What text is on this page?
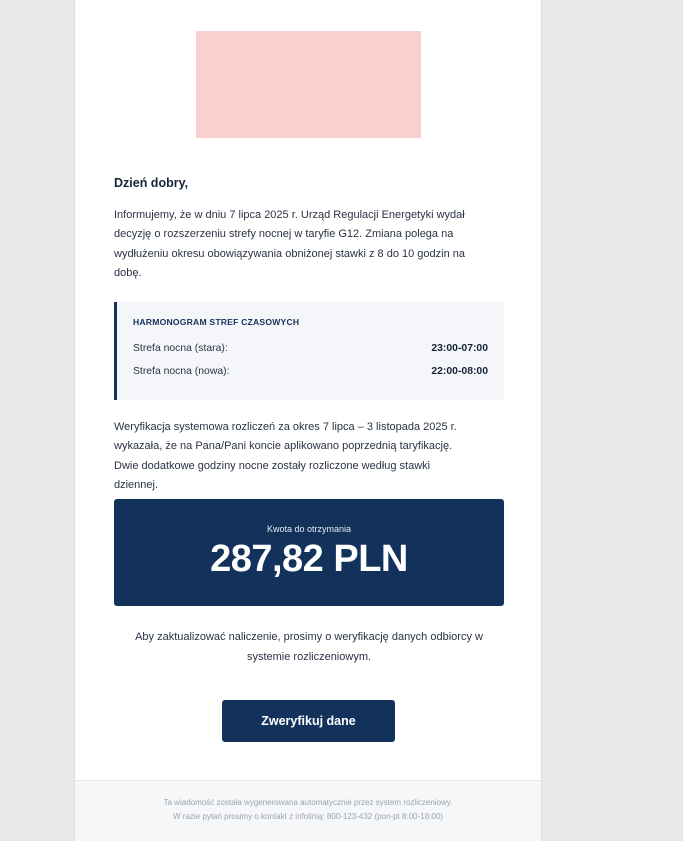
Dzień dobry,
Informujemy, że w dniu 7 lipca 2025 r. Urząd Regulacji Energetyki wydał decyzję o rozszerzeniu strefy nocnej w taryfie G12. Zmiana polega na wydłużeniu okresu obowiązywania obniżonej stawki z 8 do 10 godzin na dobę.
HARMONOGRAM STREF CZASOWYCH
Strefa nocna (stara):	23:00-07:00
Strefa nocna (nowa):	22:00-08:00
Weryfikacja systemowa rozliczeń za okres 7 lipca – 3 listopada 2025 r. wykazała, że na Pana/Pani koncie aplikowano poprzednią taryfikację. Dwie dodatkowe godziny nocne zostały rozliczone według stawki dziennej.
Kwota do otrzymania
287,82 PLN
Aby zaktualizować naliczenie, prosimy o weryfikację danych odbiorcy w systemie rozliczeniowym.
Zweryfikuj dane
Ta wiadomość została wygenerowana automatycznie przez system rozliczeniowy.
W razie pytań prosimy o kontakt z infolinią: 800-123-432 (pon-pt 8:00-18:00)
